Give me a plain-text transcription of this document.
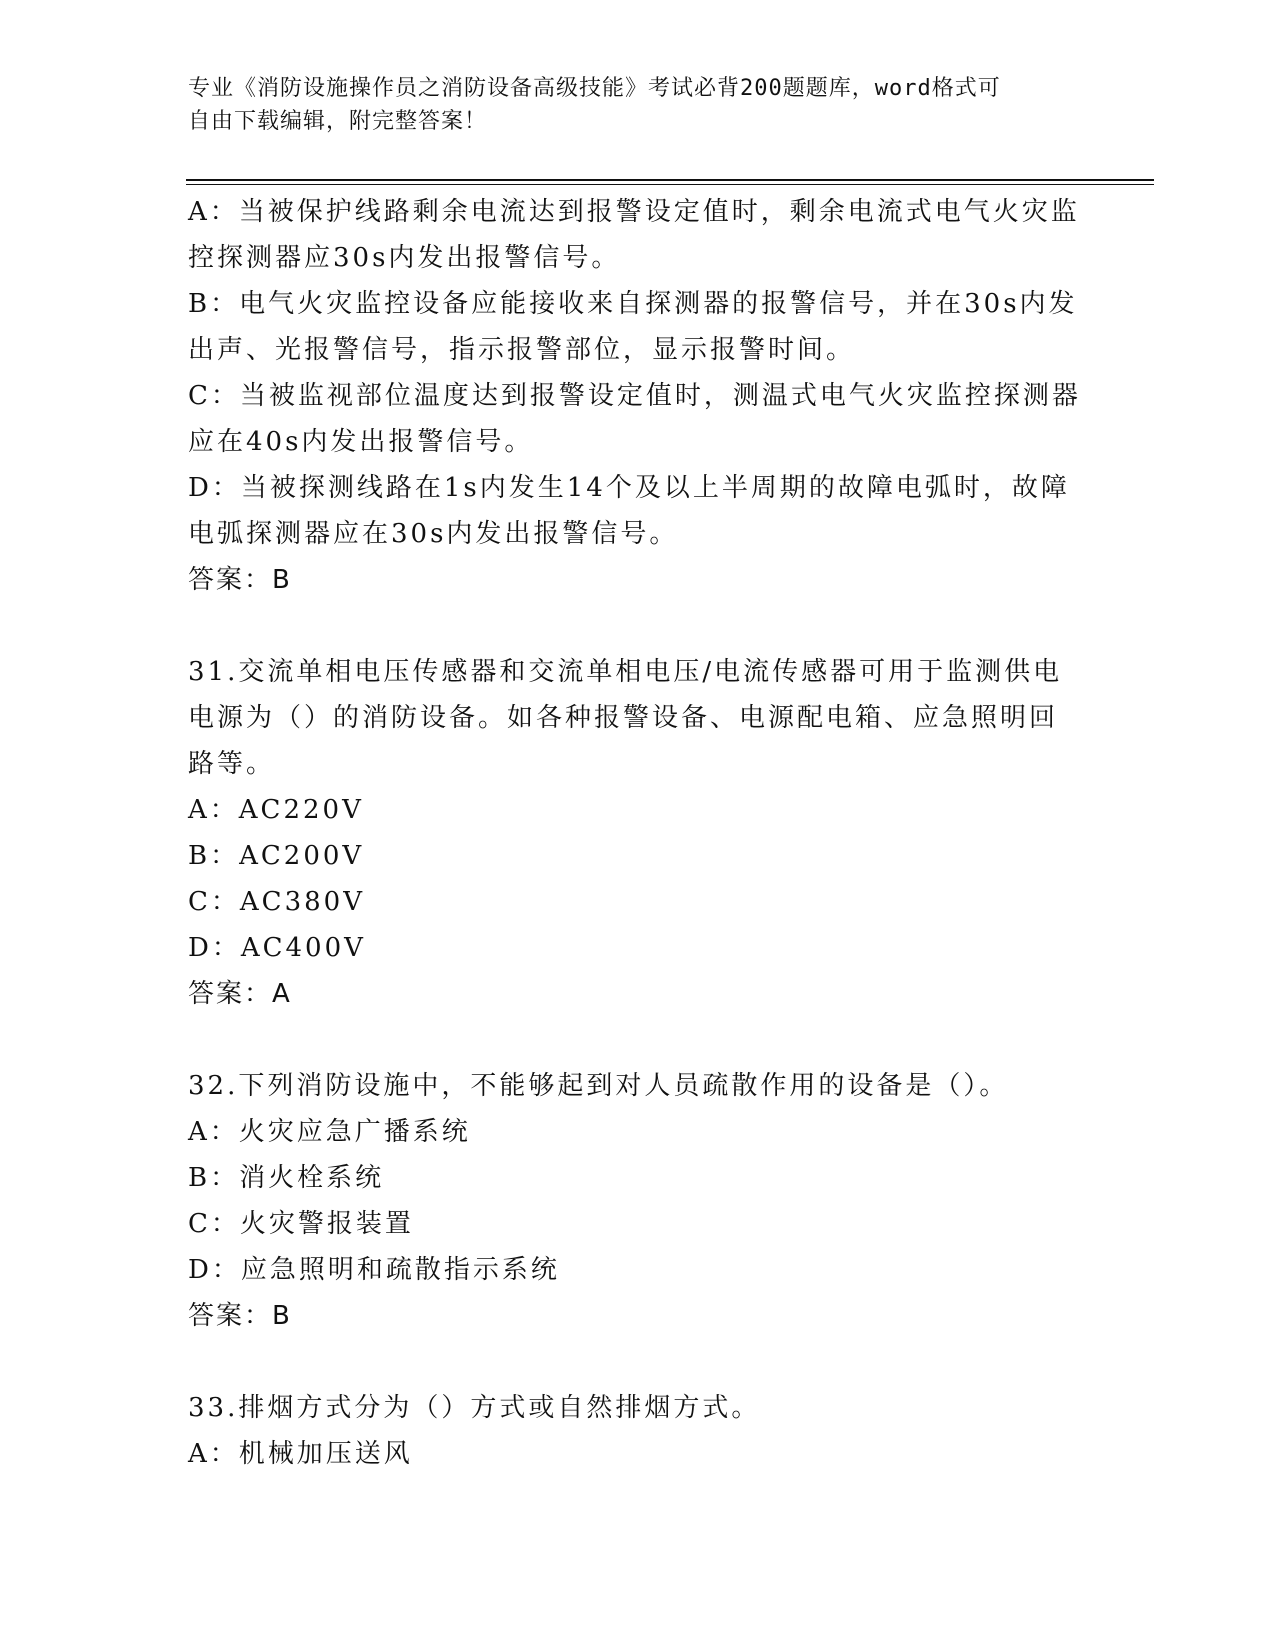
专业《消防设施操作员之消防设备高级技能》考试必背200题题库，word格式可
自由下载编辑，附完整答案！

A：当被保护线路剩余电流达到报警设定值时，剩余电流式电气火灾监

控探测器应30s内发出报警信号。

B：电气火灾监控设备应能接收来自探测器的报警信号，并在30s内发

出声、光报警信号，指示报警部位，显示报警时间。

C：当被监视部位温度达到报警设定值时，测温式电气火灾监控探测器

应在40s内发出报警信号。

D：当被探测线路在1s内发生14个及以上半周期的故障电弧时，故障

电弧探测器应在30s内发出报警信号。

答案：B

31.交流单相电压传感器和交流单相电压/电流传感器可用于监测供电

电源为（）的消防设备。如各种报警设备、电源配电箱、应急照明回

路等。

A：AC220V

B：AC200V

C：AC380V

D：AC400V

答案：A

32.下列消防设施中，不能够起到对人员疏散作用的设备是（）。

A：火灾应急广播系统

B：消火栓系统

C：火灾警报装置

D：应急照明和疏散指示系统

答案：B

33.排烟方式分为（）方式或自然排烟方式。

A：机械加压送风
